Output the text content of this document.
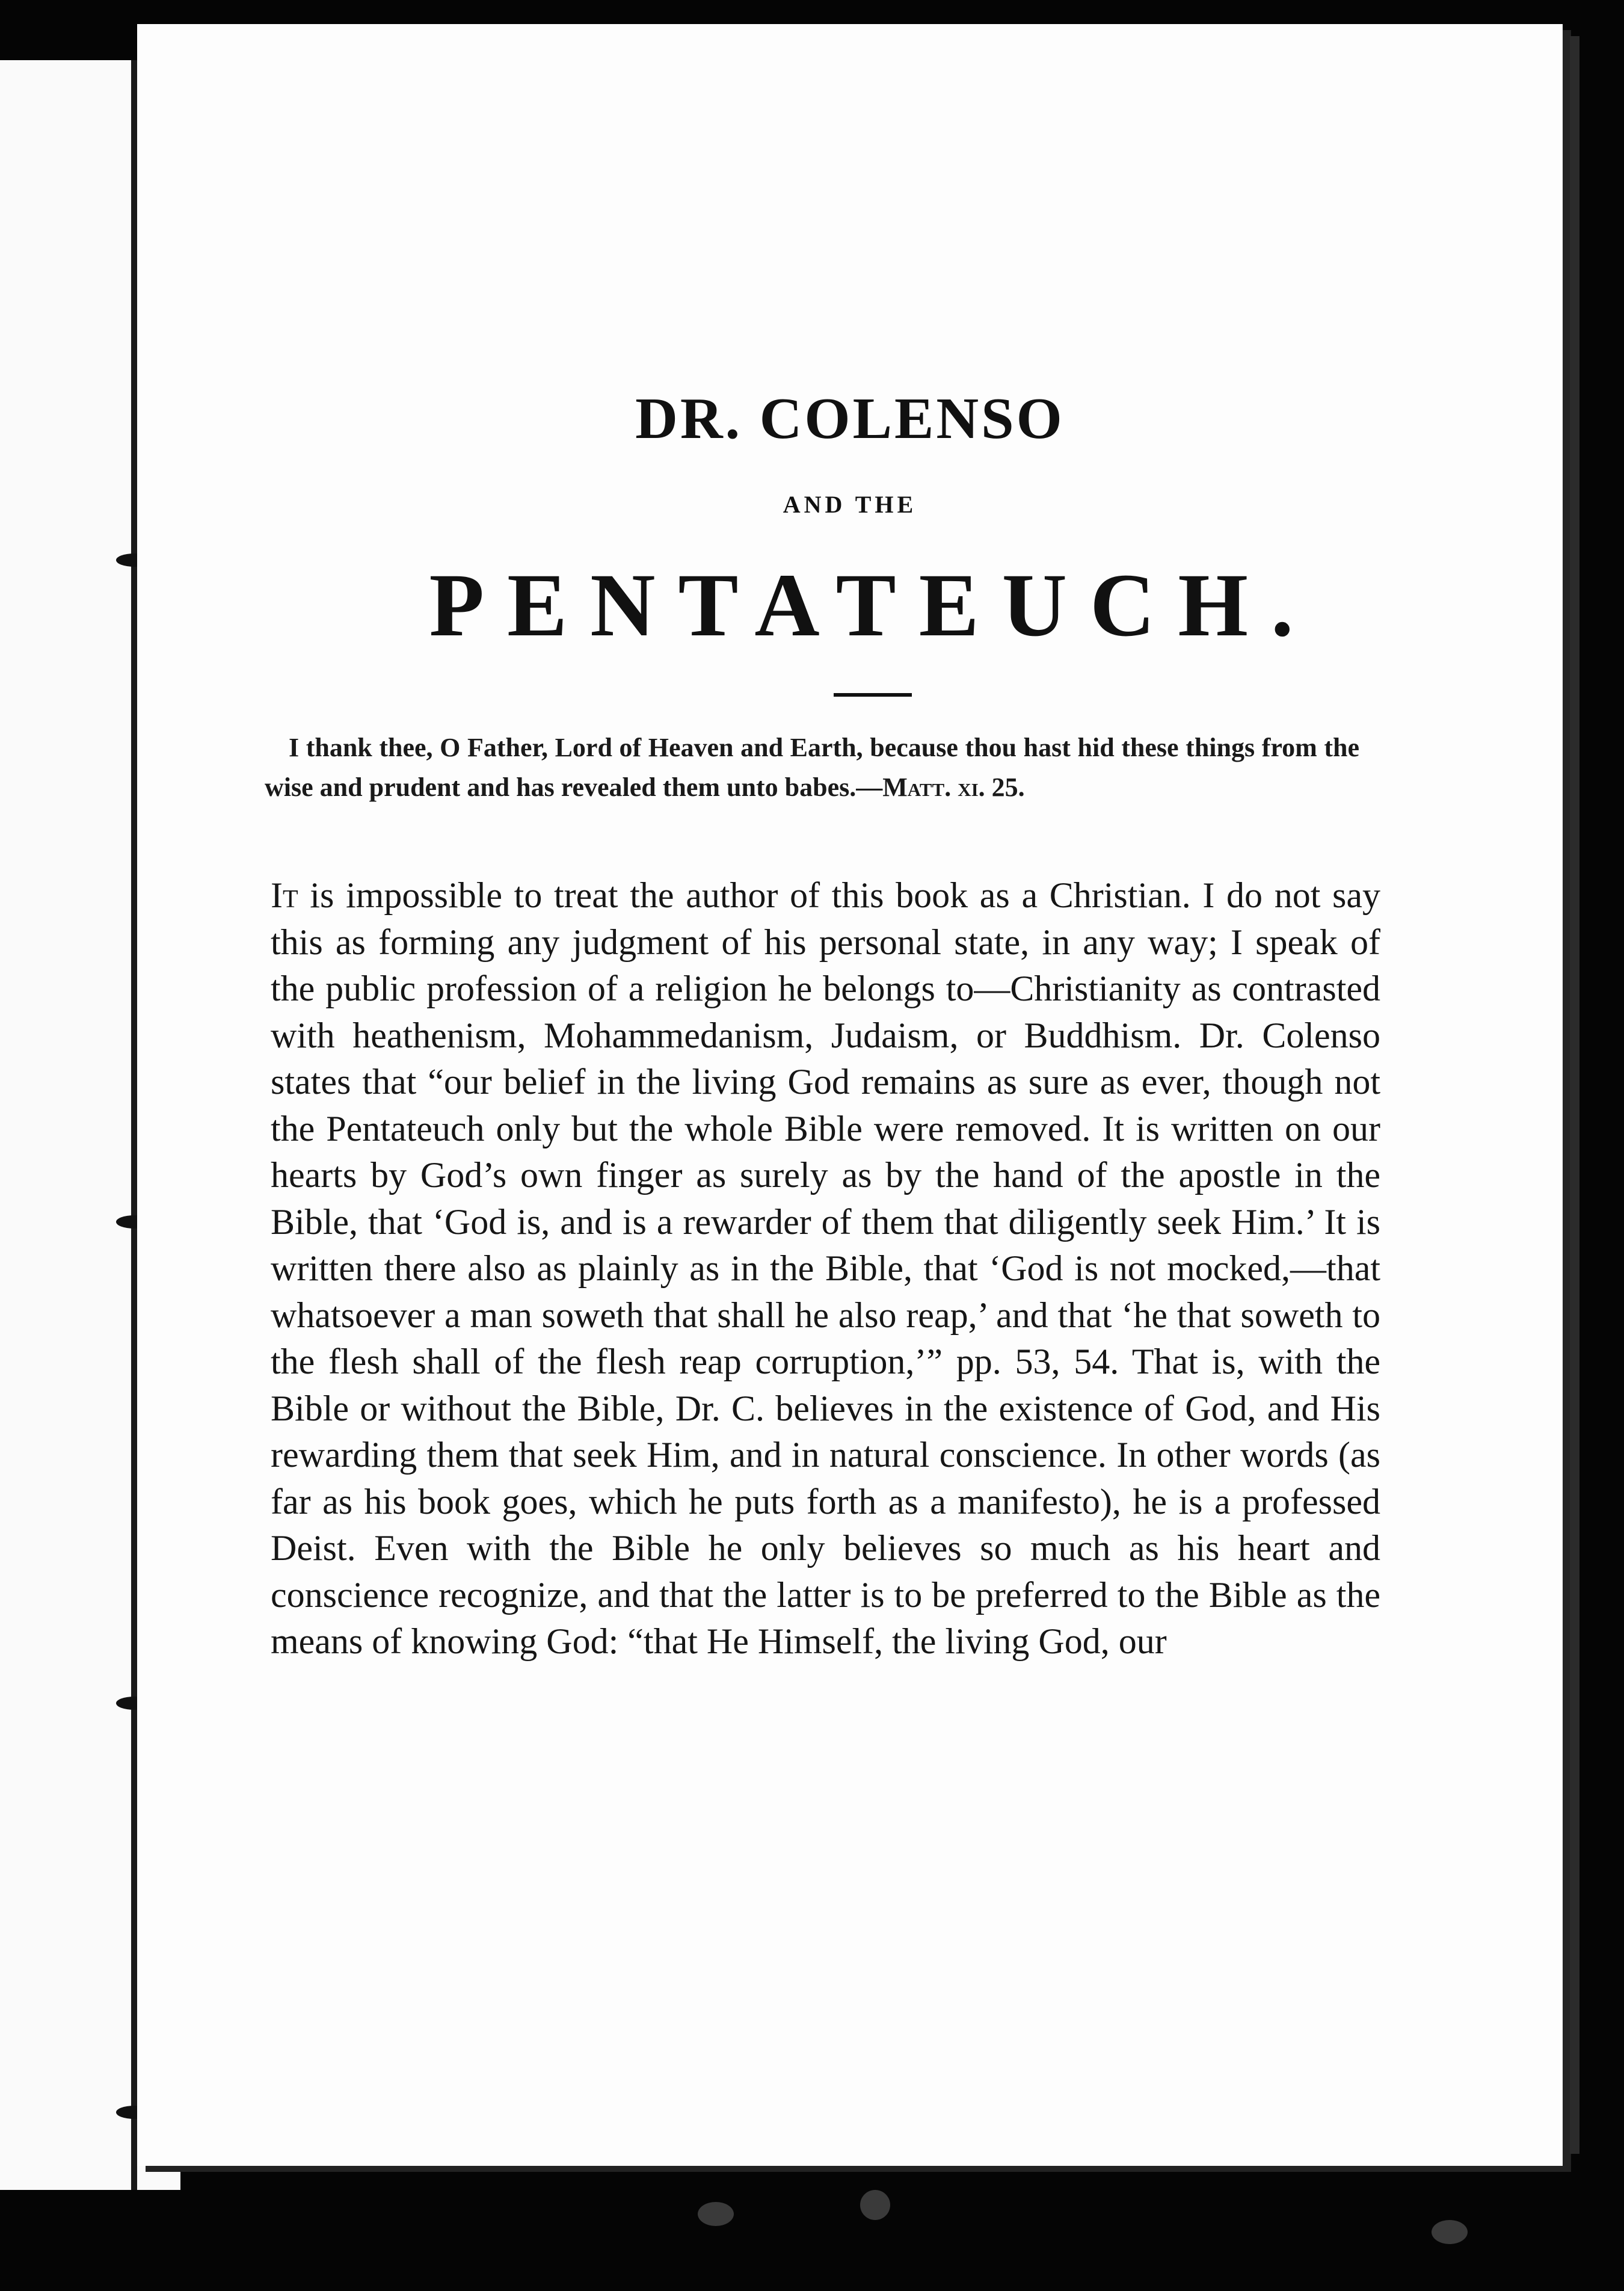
DR. COLENSO
AND THE
PENTATEUCH.

I thank thee, O Father, Lord of Heaven and Earth, because thou hast hid these things from the wise and prudent and has revealed them unto babes.—Matt. xi. 25.

It is impossible to treat the author of this book as a Christian. I do not say this as forming any judgment of his personal state, in any way; I speak of the public profession of a religion he belongs to—Christianity as contrasted with heathenism, Mohammedanism, Judaism, or Buddhism. Dr. Colenso states that “our belief in the living God remains as sure as ever, though not the Pentateuch only but the whole Bible were removed. It is written on our hearts by God’s own finger as surely as by the hand of the apostle in the Bible, that ‘God is, and is a rewarder of them that diligently seek Him.’ It is written there also as plainly as in the Bible, that ‘God is not mocked,—that whatsoever a man soweth that shall he also reap,’ and that ‘he that soweth to the flesh shall of the flesh reap corruption,’” pp. 53, 54. That is, with the Bible or without the Bible, Dr. C. believes in the existence of God, and His rewarding them that seek Him, and in natural conscience. In other words (as far as his book goes, which he puts forth as a manifesto), he is a professed Deist. Even with the Bible he only believes so much as his heart and conscience recognize, and that the latter is to be preferred to the Bible as the means of knowing God: “that He Himself, the living God, our
